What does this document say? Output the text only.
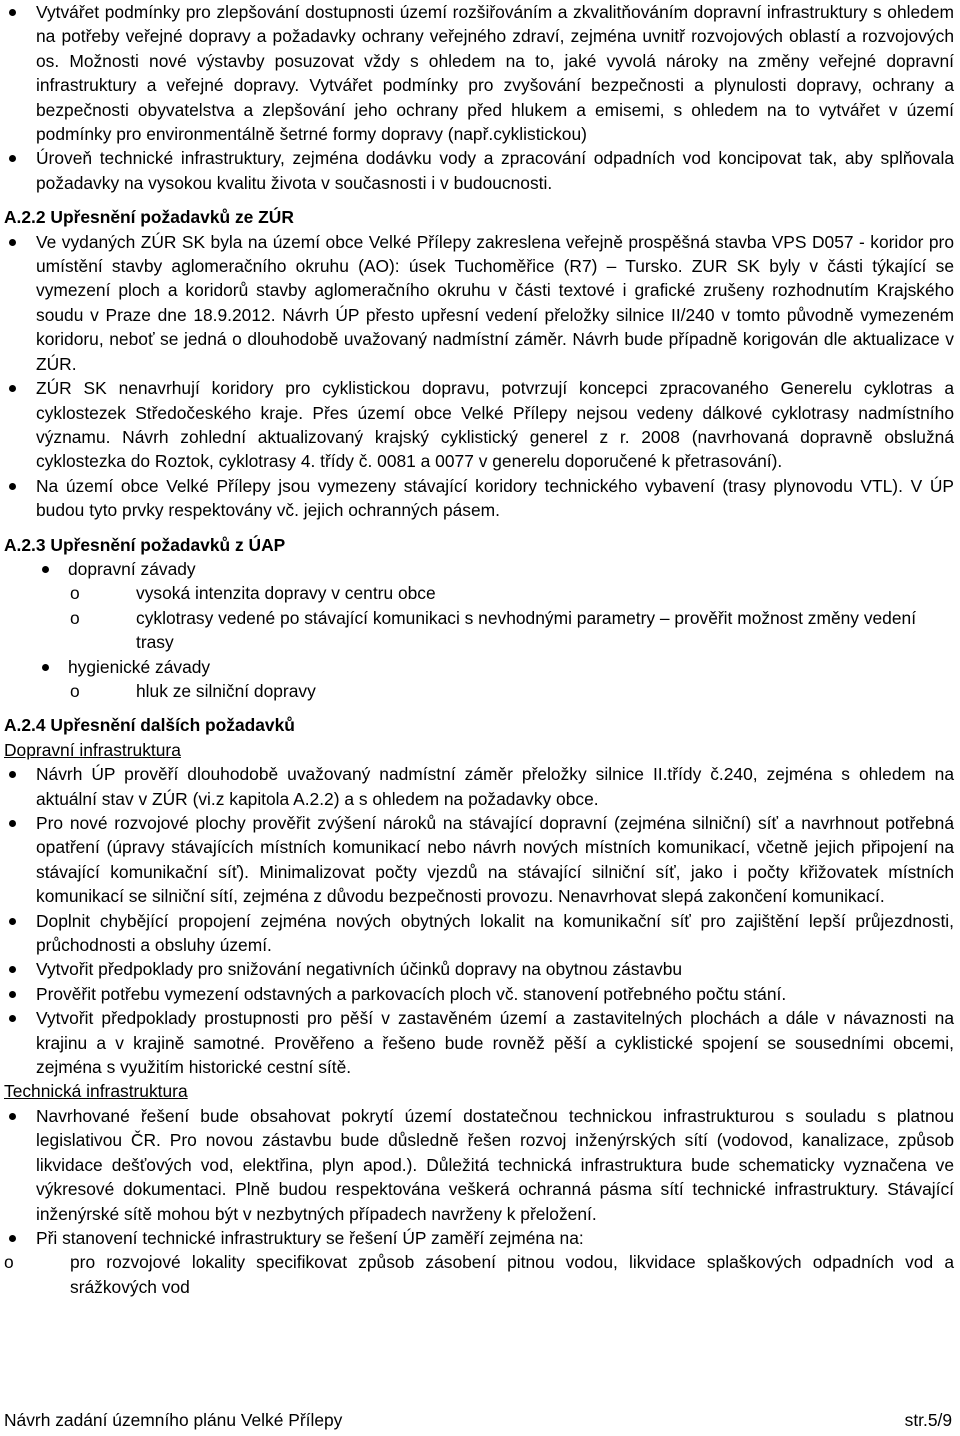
Vytvářet podmínky pro zlepšování dostupnosti území rozšiřováním a zkvalitňováním dopravní infrastruktury s ohledem na potřeby veřejné dopravy a požadavky ochrany veřejného zdraví, zejména uvnitř rozvojových oblastí a rozvojových os. Možnosti nové výstavby posuzovat vždy s ohledem na to, jaké vyvolá nároky na změny veřejné dopravní infrastruktury a veřejné dopravy. Vytvářet podmínky pro zvyšování bezpečnosti a plynulosti dopravy, ochrany a bezpečnosti obyvatelstva a zlepšování jeho ochrany před hlukem a emisemi, s ohledem na to vytvářet v území podmínky pro environmentálně šetrné formy dopravy (např.cyklistickou)
Úroveň technické infrastruktury, zejména dodávku vody a zpracování odpadních vod koncipovat tak, aby splňovala požadavky na vysokou kvalitu života v současnosti i v budoucnosti.
A.2.2 Upřesnění požadavků ze ZÚR
Ve vydaných ZÚR SK byla na území obce Velké Přílepy zakreslena veřejně prospěšná stavba VPS D057 - koridor pro umístění stavby aglomeračního okruhu (AO): úsek Tuchoměřice (R7) – Tursko. ZUR SK byly v části týkající se vymezení ploch a koridorů stavby aglomeračního okruhu v části textové i grafické zrušeny rozhodnutím Krajského soudu v Praze dne 18.9.2012. Návrh ÚP přesto upřesní vedení přeložky silnice II/240 v tomto původně vymezeném koridoru, neboť se jedná o dlouhodobě uvažovaný nadmístní záměr. Návrh bude případně korigován dle aktualizace v ZÚR.
ZÚR SK nenavrhují koridory pro cyklistickou dopravu, potvrzují koncepci zpracovaného Generelu cyklotras a cyklostezek Středočeského kraje. Přes území obce Velké Přílepy nejsou vedeny dálkové cyklotrasy nadmístního významu. Návrh zohlední aktualizovaný krajský cyklistický generel z r. 2008 (navrhovaná dopravně obslužná cyklostezka do Roztok, cyklotrasy 4. třídy č. 0081 a 0077 v generelu doporučené k přetrasování).
Na území obce Velké Přílepy jsou vymezeny stávající koridory technického vybavení (trasy plynovodu VTL). V ÚP budou tyto prvky respektovány vč. jejich ochranných pásem.
A.2.3 Upřesnění požadavků z ÚAP
dopravní závady
o vysoká intenzita dopravy v centru obce
o cyklotrasy vedené po stávající komunikaci s nevhodnými parametry – prověřit možnost změny vedení trasy
hygienické závady
o hluk ze silniční dopravy
A.2.4 Upřesnění dalších požadavků

Dopravní infrastruktura

Návrh ÚP prověří dlouhodobě uvažovaný nadmístní záměr přeložky silnice II.třídy č.240, zejména s ohledem na aktuální stav v ZÚR (vi.z kapitola A.2.2) a s ohledem na požadavky obce.
Pro nové rozvojové plochy prověřit zvýšení nároků na stávající dopravní (zejména silniční) síť a navrhnout potřebná opatření (úpravy stávajících místních komunikací nebo návrh nových místních komunikací, včetně jejich připojení na stávající komunikační síť). Minimalizovat počty vjezdů na stávající silniční síť, jako i počty křižovatek místních komunikací se silniční sítí, zejména z důvodu bezpečnosti provozu. Nenavrhovat slepá zakončení komunikací.
Doplnit chybějící propojení zejména nových obytných lokalit na komunikační síť pro zajištění lepší průjezdnosti, průchodnosti a obsluhy území.
Vytvořit předpoklady pro snižování negativních účinků dopravy na obytnou zástavbu
Prověřit potřebu vymezení odstavných a parkovacích ploch vč. stanovení potřebného počtu stání.
Vytvořit předpoklady prostupnosti pro pěší v zastavěném území a zastavitelných plochách a dále v návaznosti na krajinu a v krajině samotné. Prověřeno a řešeno bude rovněž pěší a cyklistické spojení se sousedními obcemi, zejména s využitím historické cestní sítě.

Technická infrastruktura

Navrhované řešení bude obsahovat pokrytí území dostatečnou technickou infrastrukturou s souladu s platnou legislativou ČR. Pro novou zástavbu bude důsledně řešen rozvoj inženýrských sítí (vodovod, kanalizace, způsob likvidace dešťových vod, elektřina, plyn apod.). Důležitá technická infrastruktura bude schematicky vyznačena ve výkresové dokumentaci. Plně budou respektována veškerá ochranná pásma sítí technické infrastruktury. Stávající inženýrské sítě mohou být v nezbytných případech navrženy k přeložení.
Při stanovení technické infrastruktury se řešení ÚP zaměří zejména na:
o pro rozvojové lokality specifikovat způsob zásobení pitnou vodou, likvidace splaškových odpadních vod a srážkových vod
Návrh zadání územního plánu Velké Přílepy	str.5/9
